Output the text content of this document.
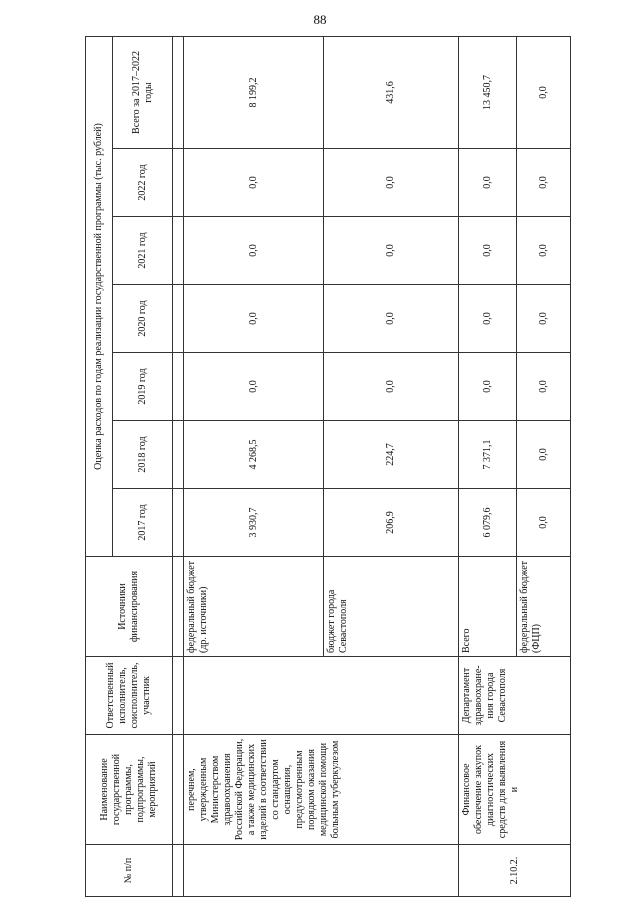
88
№ п/п	Наименование государственной программы, подпрограммы, мероприятий	Ответственный исполнитель, соисполнитель, участник	Источники финансирования	Оценка расходов по годам реализации государственной программы (тыс. рублей)						
				2017 год	2018 год	2019 год	2020 год	2021 год	2022 год	Всего за 2017–2022 годы

	перечнем, утвержденным Министерством здравоохранения Российской Федерации, а также медицинских изделий в соответствии со стандартом оснащения, предусмотренным порядком оказания медицинской помощи больным туберкулезом		федеральный бюджет (др. источники)	3 930,7	4 268,5	0,0	0,0	0,0	0,0	8 199,2
			бюджет города Севастополя	206,9	224,7	0,0	0,0	0,0	0,0	431,6
2.10.2.	Финансовое обеспечение закупок диагностических средств для выявления и	Департамент здравоохране-ния города Севастополя	Всего	6 079,6	7 371,1	0,0	0,0	0,0	0,0	13 450,7
			федеральный бюджет (ФЦП)	0,0	0,0	0,0	0,0	0,0	0,0	0,0
